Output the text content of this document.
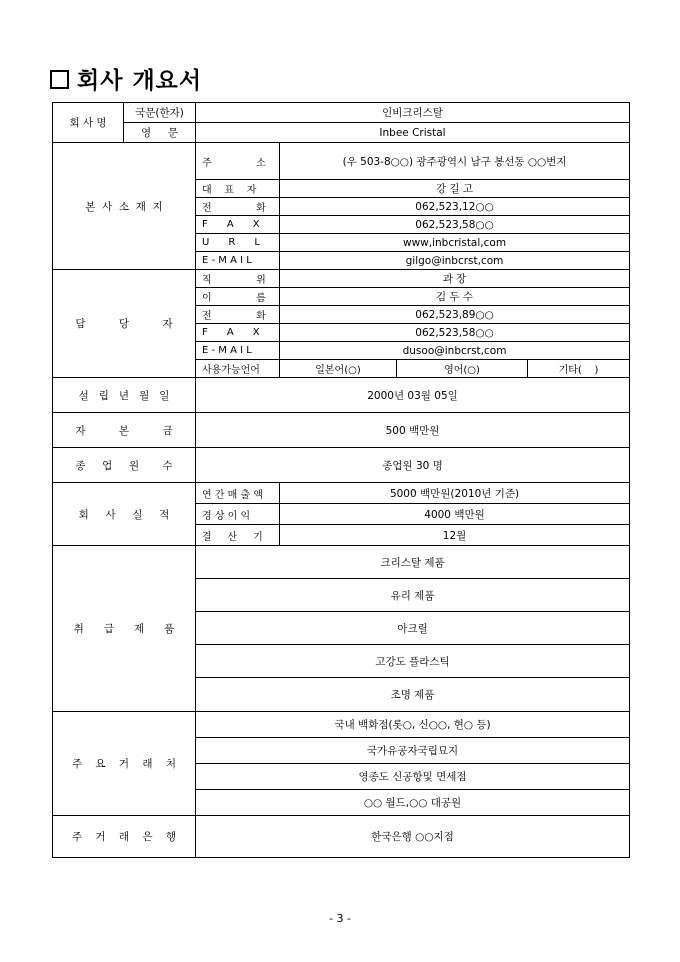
회사 개요서
회 사 명	국문(한자)	인비크리스탈			
	영     문	Inbee Cristal			
본  사  소  재  지		주              소	(우 503-8○○) 광주광역시 남구 봉선동 ○○번지		
		대    표    자	강 길 고		
		전              화	062,523,12○○		
		F      A      X	062,523,58○○		
		U      R      L	www,inbcristal,com		
		E - M A I L	gilgo@inbcrst,com		
담          당          자		직              위	과 장		
		이              름	김 두 수		
		전              화	062,523,89○○		
		F      A      X	062,523,58○○		
		E - M A I L	dusoo@inbcrst,com		
		사용가능언어	일본어(○)	영어(○)	기타(    )
설   립   년   월   일		2000년 03월 05일			
자          본          금		500 백만원			
종     업     원       수		종업원 30 명			
회     사     실     적		연 간 매 출 액	5000 백만원(2010년 기준)		
		경 상 이 익	4000 백만원		
		결     산     기	12월		
취      급      제      품		크리스탈 제품			
		유리 제품			
		아크릴			
		고강도 플라스틱			
		조명 제품			
주    요    거    래    처		국내 백화점(롯○, 신○○, 현○ 등)			
		국가유공자국립묘지			
		영종도 신공항및 면세점			
		○○ 월드,○○ 대공원			
주    거    래    은    행		한국은행 ○○지점			
- 3 -
